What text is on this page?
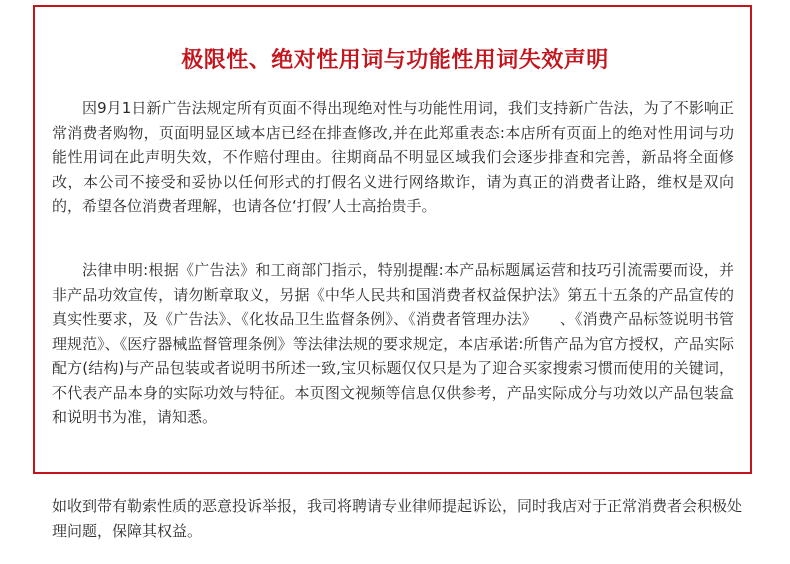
极限性、绝对性用词与功能性用词失效声明

因9月1日新广告法规定所有页面不得出现绝对性与功能性用词，我们支持新广告法，为了不影响正常消费者购物，页面明显区域本店已经在排查修改,并在此郑重表态:本店所有页面上的绝对性用词与功能性用词在此声明失效，不作赔付理由。往期商品不明显区域我们会逐步排查和完善，新品将全面修改，本公司不接受和妥协以任何形式的打假名义进行网络欺诈，请为真正的消费者让路，维权是双向的，希望各位消费者理解，也请各位‘打假’人士高抬贵手。

法律申明:根据《广告法》和工商部门指示，特别提醒:本产品标题属运营和技巧引流需要而设，并非产品功效宣传，请勿断章取义，另据《中华人民共和国消费者权益保护法》第五十五条的产品宣传的真实性要求，及《广告法》、《化妆品卫生监督条例》、《消费者管理办法》　　、《消费产品标签说明书管理规范》、《医疗器械监督管理条例》等法律法规的要求规定，本店承诺:所售产品为官方授权，产品实际配方(结构)与产品包装或者说明书所述一致,宝贝标题仅仅只是为了迎合买家搜索习惯而使用的关键词，不代表产品本身的实际功效与特征。本页图文视频等信息仅供参考，产品实际成分与功效以产品包装盒和说明书为准，请知悉。

如收到带有勒索性质的恶意投诉举报，我司将聘请专业律师提起诉讼，同时我店对于正常消费者会积极处理问题，保障其权益。
